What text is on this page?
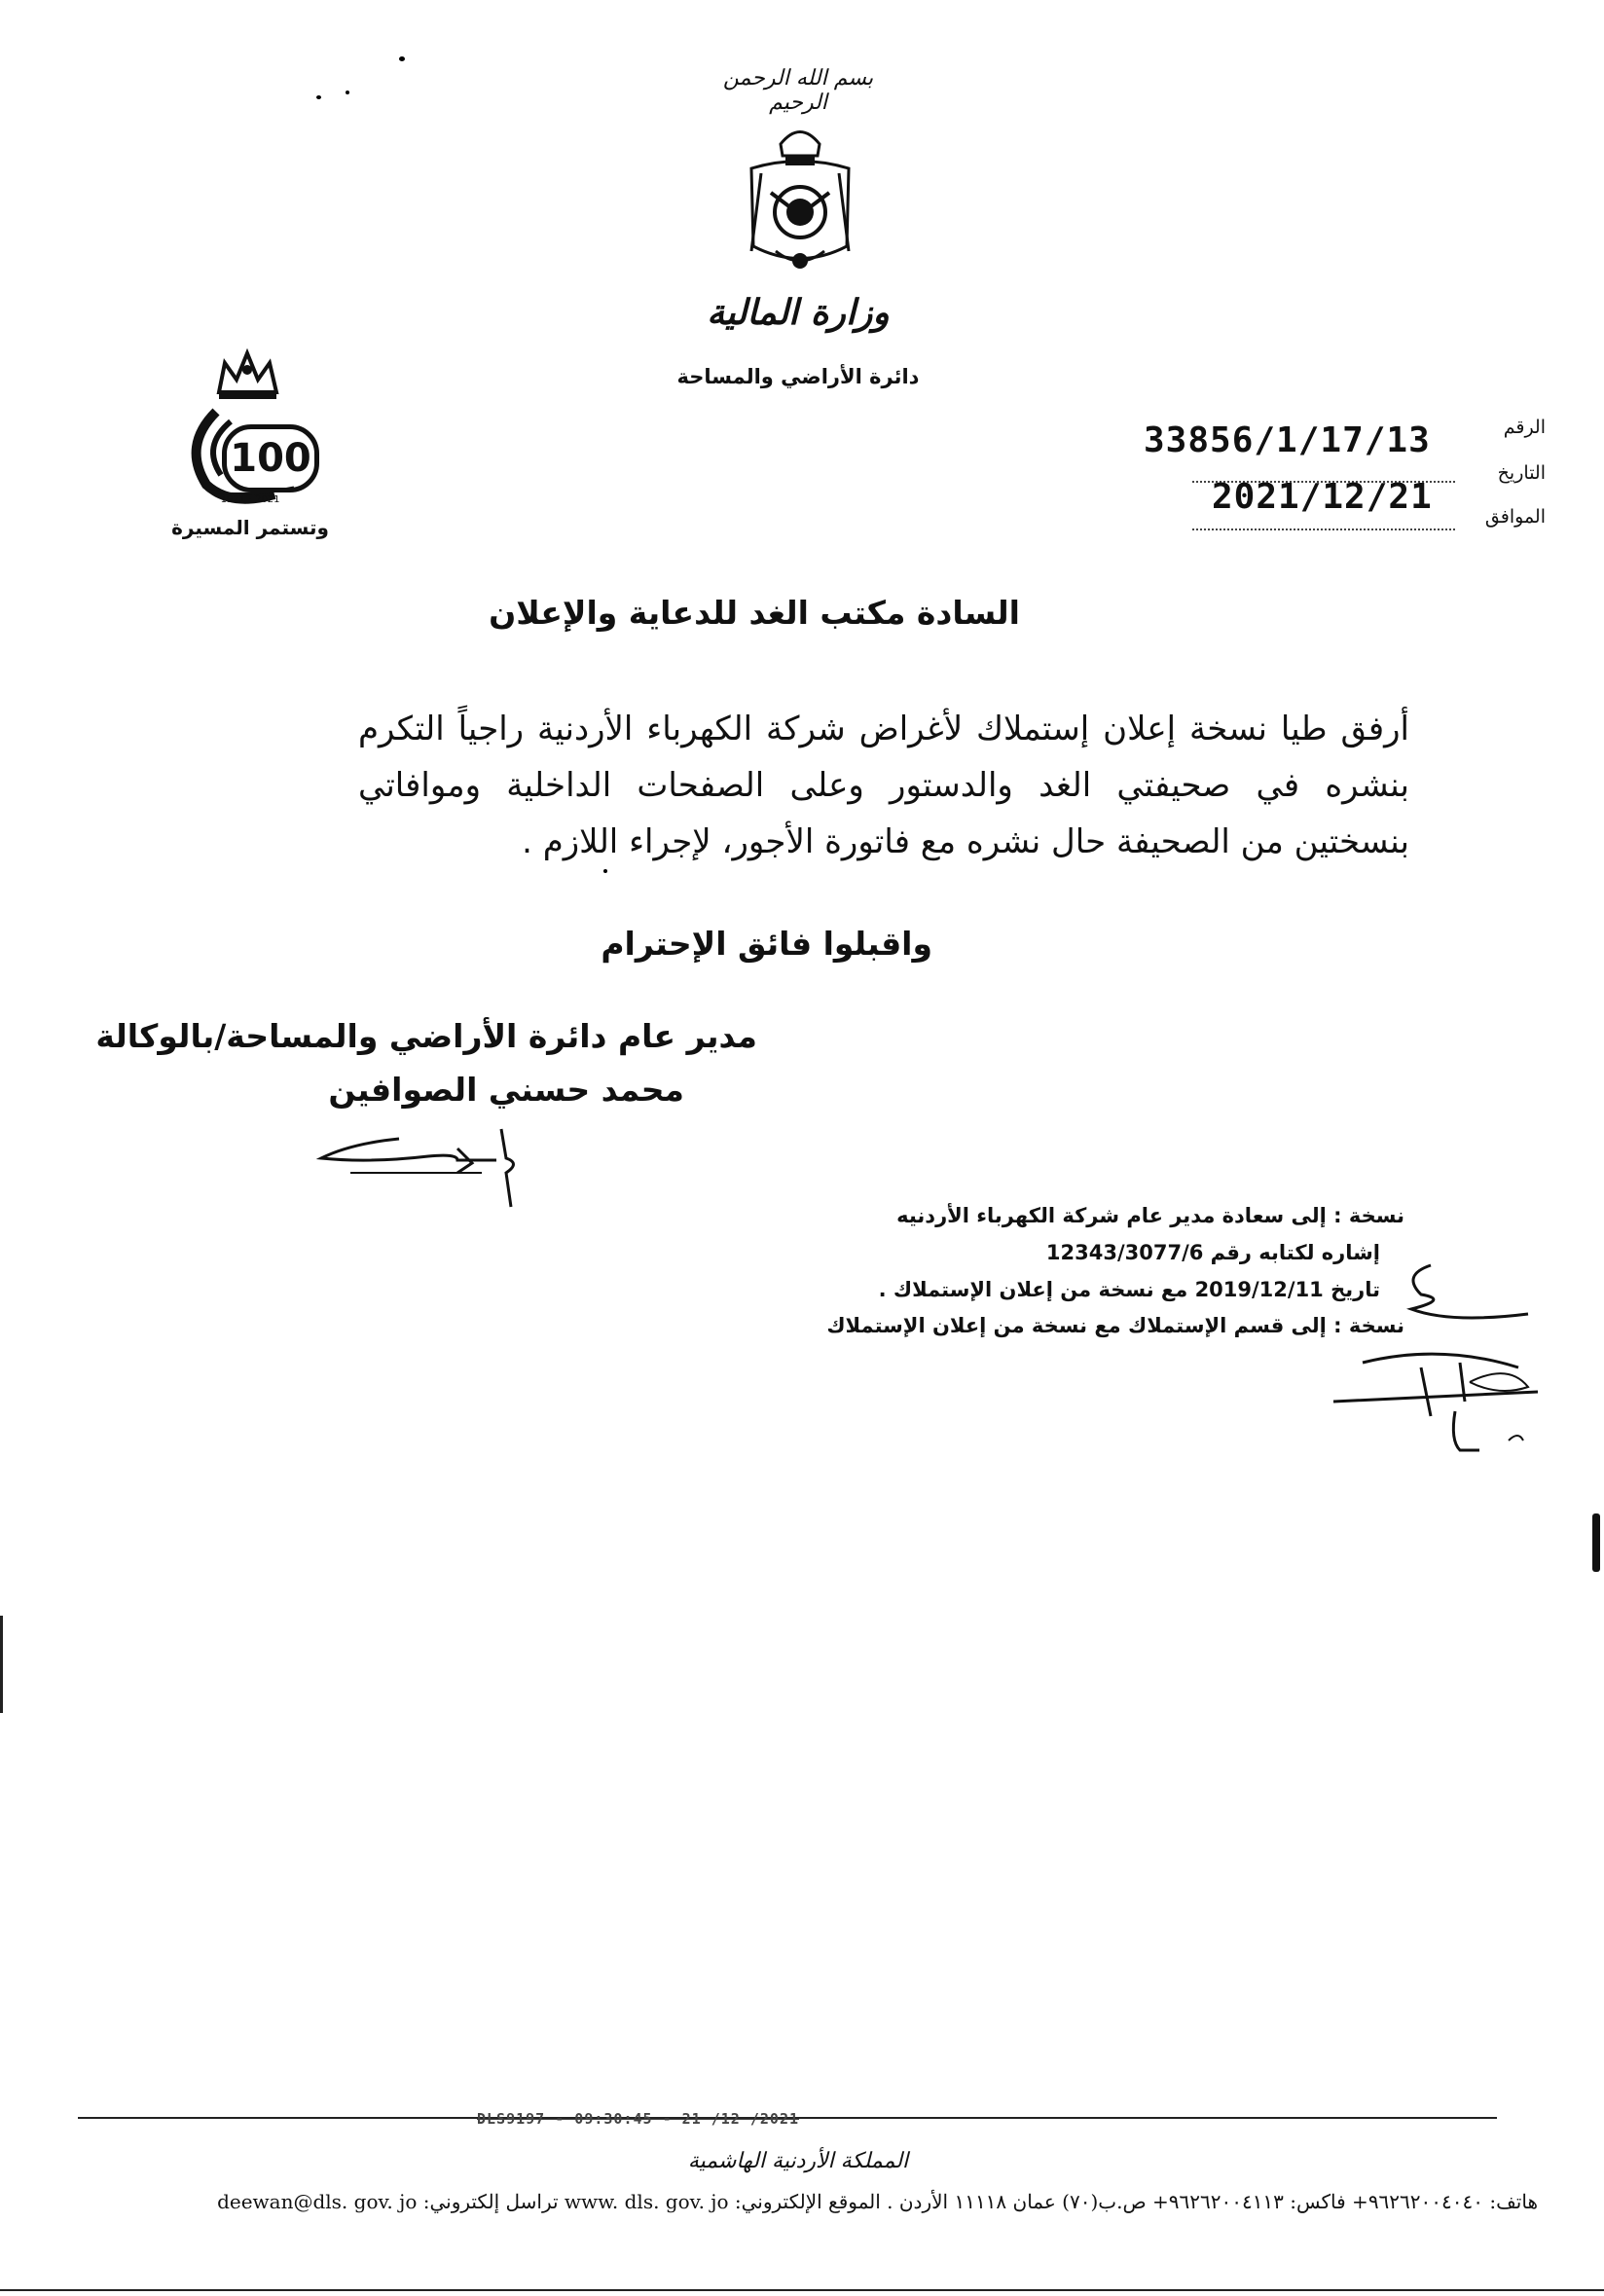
بسم الله الرحمن الرحيم
وزارة المالية
دائرة الأراضي والمساحة
100
1921 - 2021
وتستمر المسيرة
الرقم
33856/1/17/13
التاريخ
2021/12/21	الموافق
السادة مكتب الغد للدعاية والإعلان
أرفق طيا نسخة إعلان إستملاك لأغراض شركة الكهرباء الأردنية راجياً التكرم بنشره في صحيفتي الغد والدستور وعلى الصفحات الداخلية وموافاتي بنسختين من الصحيفة حال نشره مع فاتورة الأجور، لإجراء اللازم .
واقبلوا فائق الإحترام
مدير عام دائرة الأراضي والمساحة/بالوكالة
محمد حسني الصوافين
نسخة : إلى سعادة مدير عام شركة الكهرباء الأردنيه
إشاره لكتابه رقم 12343/3077/6
تاريخ 2019/12/11 مع نسخة من إعلان الإستملاك .
نسخة : إلى قسم الإستملاك مع نسخة من إعلان الإستملاك
DLS9197 - 09:30:45 - 21 /12 /2021
المملكة الأردنية الهاشمية
هاتف: ٩٦٢٦٢٠٠٤٠٤٠+ فاكس: ٩٦٢٦٢٠٠٤١١٣+ ص.ب(٧٠) عمان ١١١١٨ الأردن . الموقع الإلكتروني: www. dls. gov. jo تراسل إلكتروني: deewan@dls. gov. jo
